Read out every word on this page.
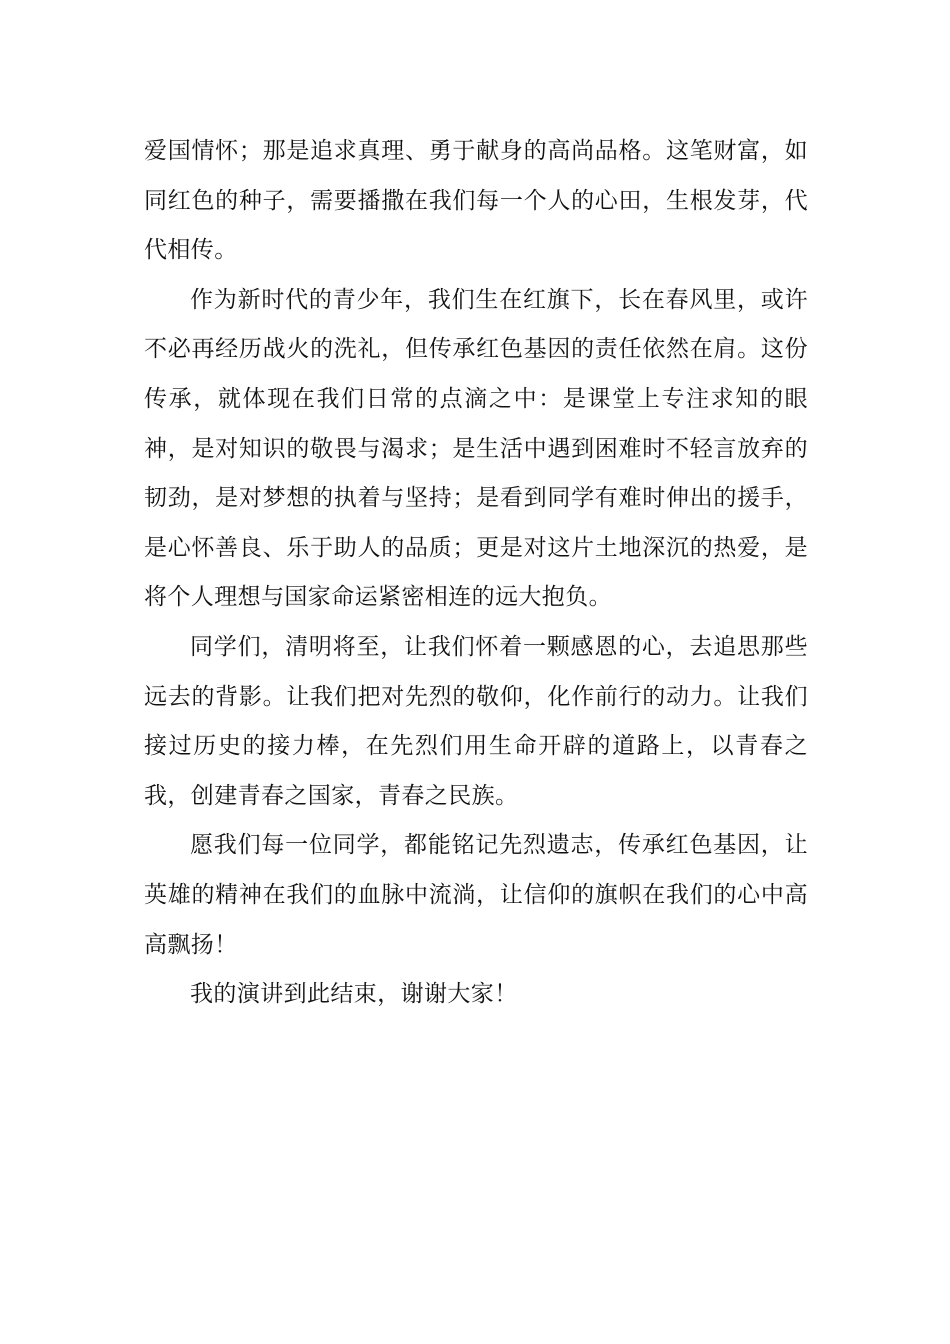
爱国情怀；那是追求真理、勇于献身的高尚品格。这笔财富，如同红色的种子，需要播撒在我们每一个人的心田，生根发芽，代代相传。

作为新时代的青少年，我们生在红旗下，长在春风里，或许不必再经历战火的洗礼，但传承红色基因的责任依然在肩。这份传承，就体现在我们日常的点滴之中：是课堂上专注求知的眼神，是对知识的敬畏与渴求；是生活中遇到困难时不轻言放弃的韧劲，是对梦想的执着与坚持；是看到同学有难时伸出的援手，是心怀善良、乐于助人的品质；更是对这片土地深沉的热爱，是将个人理想与国家命运紧密相连的远大抱负。

同学们，清明将至，让我们怀着一颗感恩的心，去追思那些远去的背影。让我们把对先烈的敬仰，化作前行的动力。让我们接过历史的接力棒，在先烈们用生命开辟的道路上，以青春之我，创建青春之国家，青春之民族。

愿我们每一位同学，都能铭记先烈遗志，传承红色基因，让英雄的精神在我们的血脉中流淌，让信仰的旗帜在我们的心中高高飘扬！

我的演讲到此结束，谢谢大家！
